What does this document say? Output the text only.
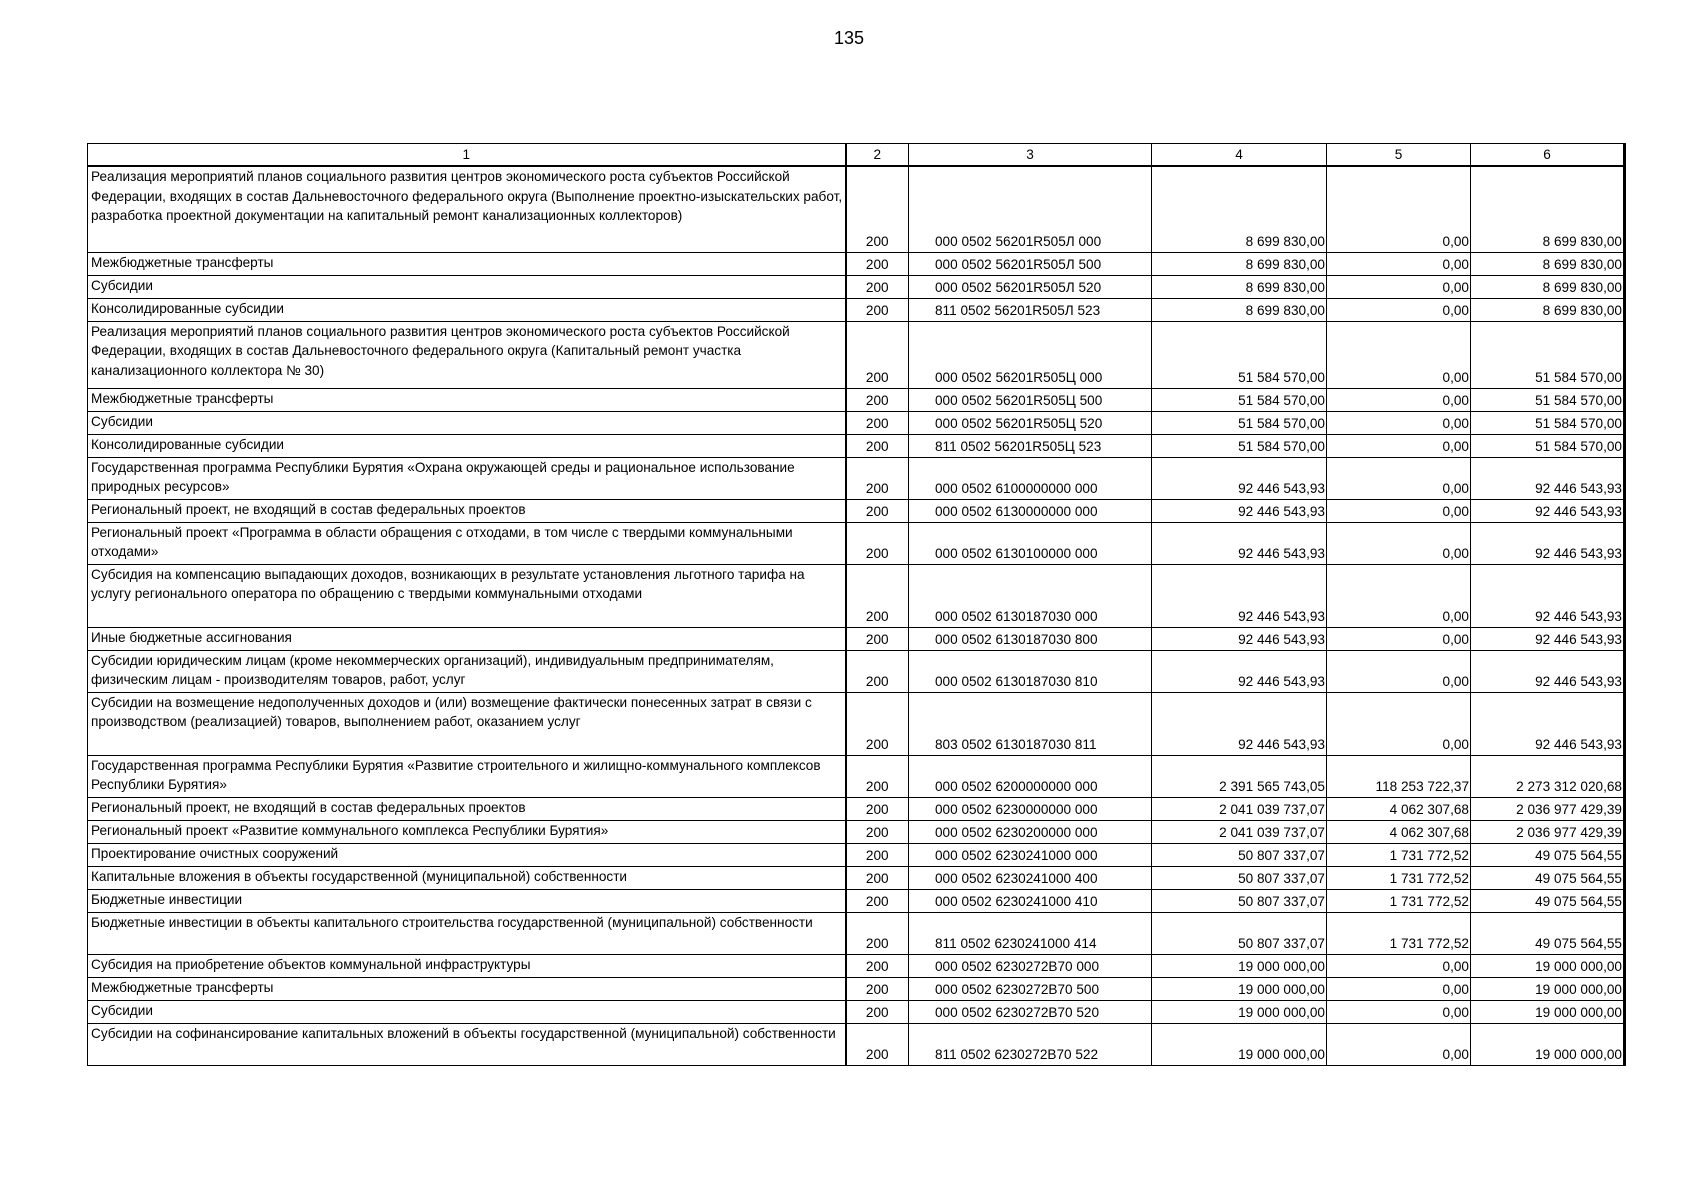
135
1	2	3	4	5	6
Реализация мероприятий планов социального развития центров экономического роста субъектов Российской Федерации, входящих в состав Дальневосточного федерального округа (Выполнение проектно-изыскательских работ, разработка проектной документации на капитальный ремонт канализационных коллекторов)	200	000 0502 56201R505Л 000	8 699 830,00	0,00	8 699 830,00
Межбюджетные трансферты	200	000 0502 56201R505Л 500	8 699 830,00	0,00	8 699 830,00
Субсидии	200	000 0502 56201R505Л 520	8 699 830,00	0,00	8 699 830,00
Консолидированные субсидии	200	811 0502 56201R505Л 523	8 699 830,00	0,00	8 699 830,00
Реализация мероприятий планов социального развития центров экономического роста субъектов Российской Федерации, входящих в состав Дальневосточного федерального округа (Капитальный ремонт участка канализационного коллектора № 30)	200	000 0502 56201R505Ц 000	51 584 570,00	0,00	51 584 570,00
Межбюджетные трансферты	200	000 0502 56201R505Ц 500	51 584 570,00	0,00	51 584 570,00
Субсидии	200	000 0502 56201R505Ц 520	51 584 570,00	0,00	51 584 570,00
Консолидированные субсидии	200	811 0502 56201R505Ц 523	51 584 570,00	0,00	51 584 570,00
Государственная программа Республики Бурятия «Охрана окружающей среды и рациональное использование природных ресурсов»	200	000 0502 6100000000 000	92 446 543,93	0,00	92 446 543,93
Региональный проект, не входящий в состав федеральных проектов	200	000 0502 6130000000 000	92 446 543,93	0,00	92 446 543,93
Региональный проект «Программа в области обращения с отходами, в том числе с твердыми коммунальными отходами»	200	000 0502 6130100000 000	92 446 543,93	0,00	92 446 543,93
Субсидия на компенсацию выпадающих доходов, возникающих в результате установления льготного тарифа на услугу регионального оператора по обращению с твердыми коммунальными отходами	200	000 0502 6130187030 000	92 446 543,93	0,00	92 446 543,93
Иные бюджетные ассигнования	200	000 0502 6130187030 800	92 446 543,93	0,00	92 446 543,93
Субсидии юридическим лицам (кроме некоммерческих организаций), индивидуальным предпринимателям, физическим лицам - производителям товаров, работ, услуг	200	000 0502 6130187030 810	92 446 543,93	0,00	92 446 543,93
Субсидии на возмещение недополученных доходов и (или) возмещение фактически понесенных затрат в связи с производством (реализацией) товаров, выполнением работ, оказанием услуг	200	803 0502 6130187030 811	92 446 543,93	0,00	92 446 543,93
Государственная программа Республики Бурятия «Развитие строительного и жилищно-коммунального комплексов Республики Бурятия»	200	000 0502 6200000000 000	2 391 565 743,05	118 253 722,37	2 273 312 020,68
Региональный проект, не входящий в состав федеральных проектов	200	000 0502 6230000000 000	2 041 039 737,07	4 062 307,68	2 036 977 429,39
Региональный проект «Развитие коммунального комплекса Республики Бурятия»	200	000 0502 6230200000 000	2 041 039 737,07	4 062 307,68	2 036 977 429,39
Проектирование очистных сооружений	200	000 0502 6230241000 000	50 807 337,07	1 731 772,52	49 075 564,55
Капитальные вложения в объекты государственной (муниципальной) собственности	200	000 0502 6230241000 400	50 807 337,07	1 731 772,52	49 075 564,55
Бюджетные инвестиции	200	000 0502 6230241000 410	50 807 337,07	1 731 772,52	49 075 564,55
Бюджетные инвестиции в объекты капитального строительства государственной (муниципальной) собственности	200	811 0502 6230241000 414	50 807 337,07	1 731 772,52	49 075 564,55
Субсидия на приобретение объектов коммунальной инфраструктуры	200	000 0502 6230272B70 000	19 000 000,00	0,00	19 000 000,00
Межбюджетные трансферты	200	000 0502 6230272B70 500	19 000 000,00	0,00	19 000 000,00
Субсидии	200	000 0502 6230272B70 520	19 000 000,00	0,00	19 000 000,00
Субсидии на софинансирование капитальных вложений в объекты государственной (муниципальной) собственности	200	811 0502 6230272B70 522	19 000 000,00	0,00	19 000 000,00
